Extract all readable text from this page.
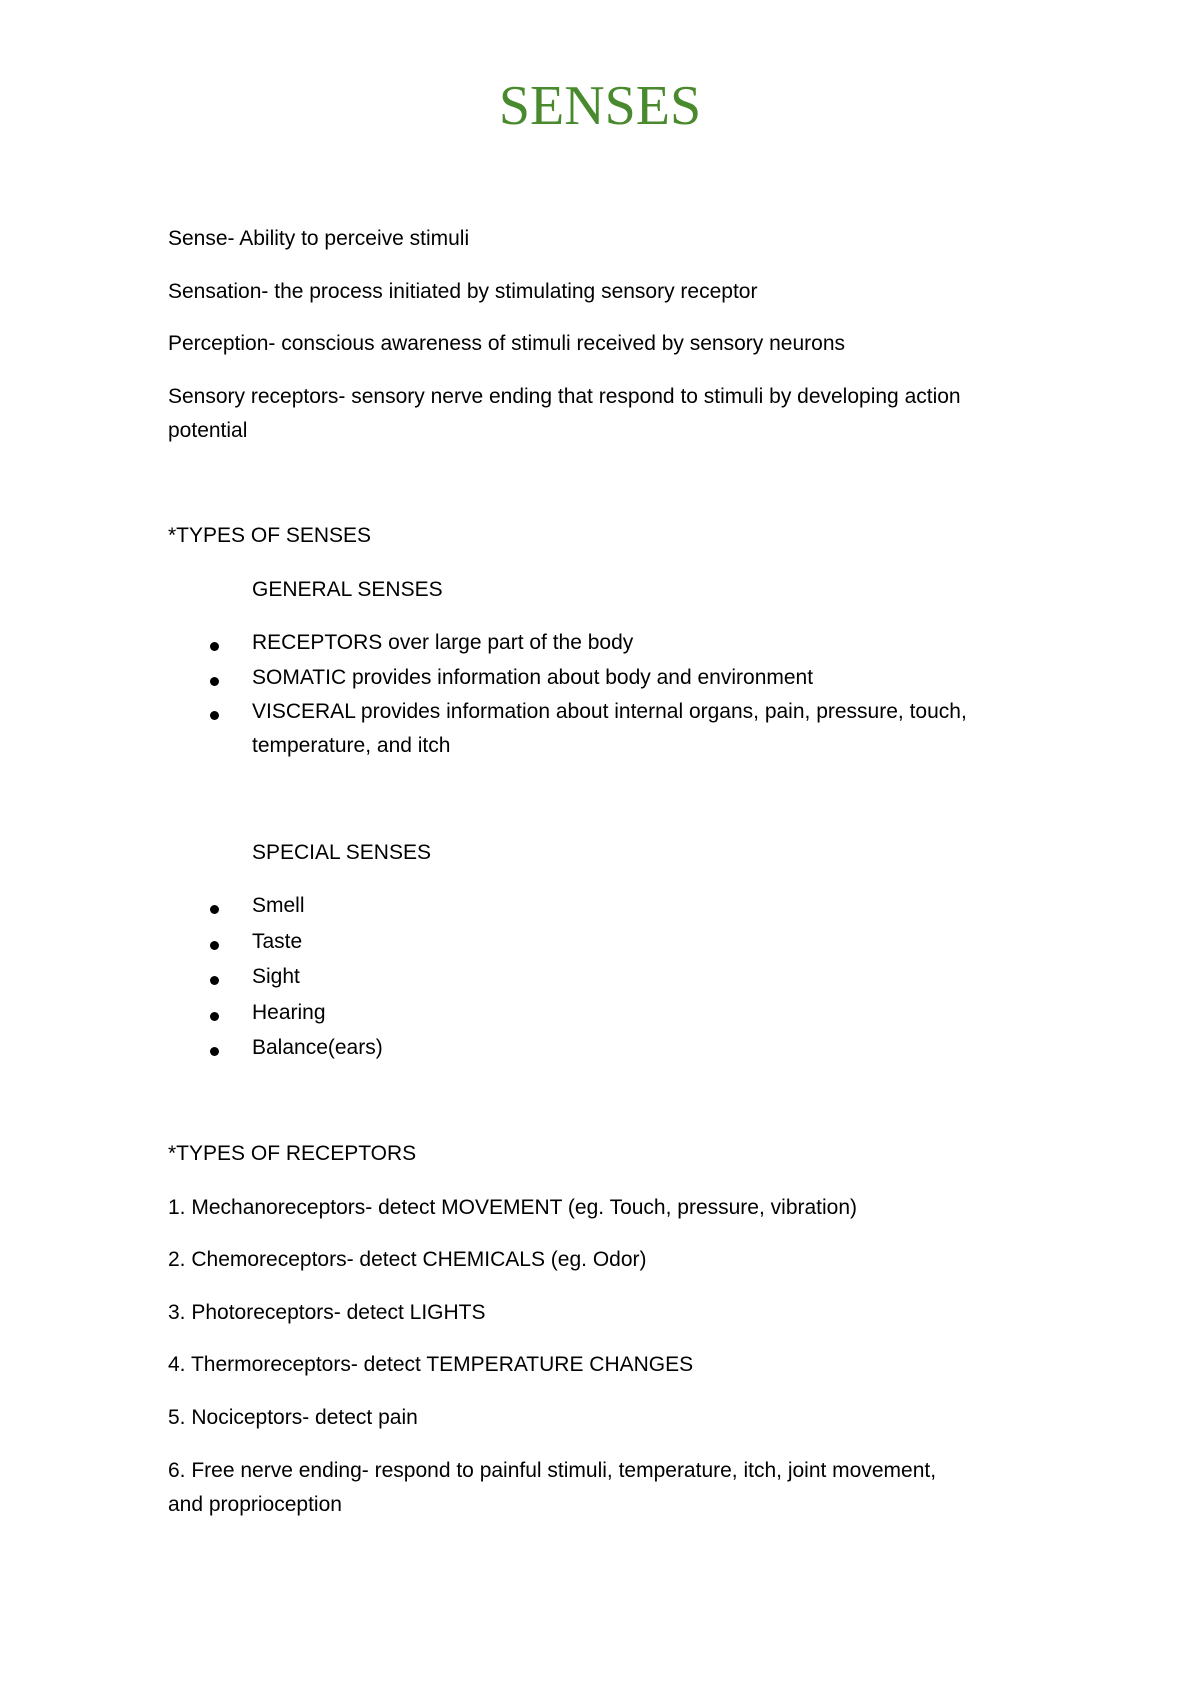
SENSES
Sense- Ability to perceive stimuli
Sensation- the process initiated by stimulating sensory receptor
Perception- conscious awareness of stimuli received by sensory neurons
Sensory receptors- sensory nerve ending that respond to stimuli by developing action potential
*TYPES OF SENSES
GENERAL SENSES
RECEPTORS over large part of the body
SOMATIC provides information about body and environment
VISCERAL provides information about internal organs, pain, pressure, touch, temperature, and itch
SPECIAL SENSES
Smell
Taste
Sight
Hearing
Balance(ears)
*TYPES OF RECEPTORS
1. Mechanoreceptors- detect MOVEMENT (eg. Touch, pressure, vibration)
2. Chemoreceptors- detect CHEMICALS (eg. Odor)
3. Photoreceptors- detect LIGHTS
4. Thermoreceptors- detect TEMPERATURE CHANGES
5. Nociceptors- detect pain
6. Free nerve ending- respond to painful stimuli, temperature, itch, joint movement, and proprioception
